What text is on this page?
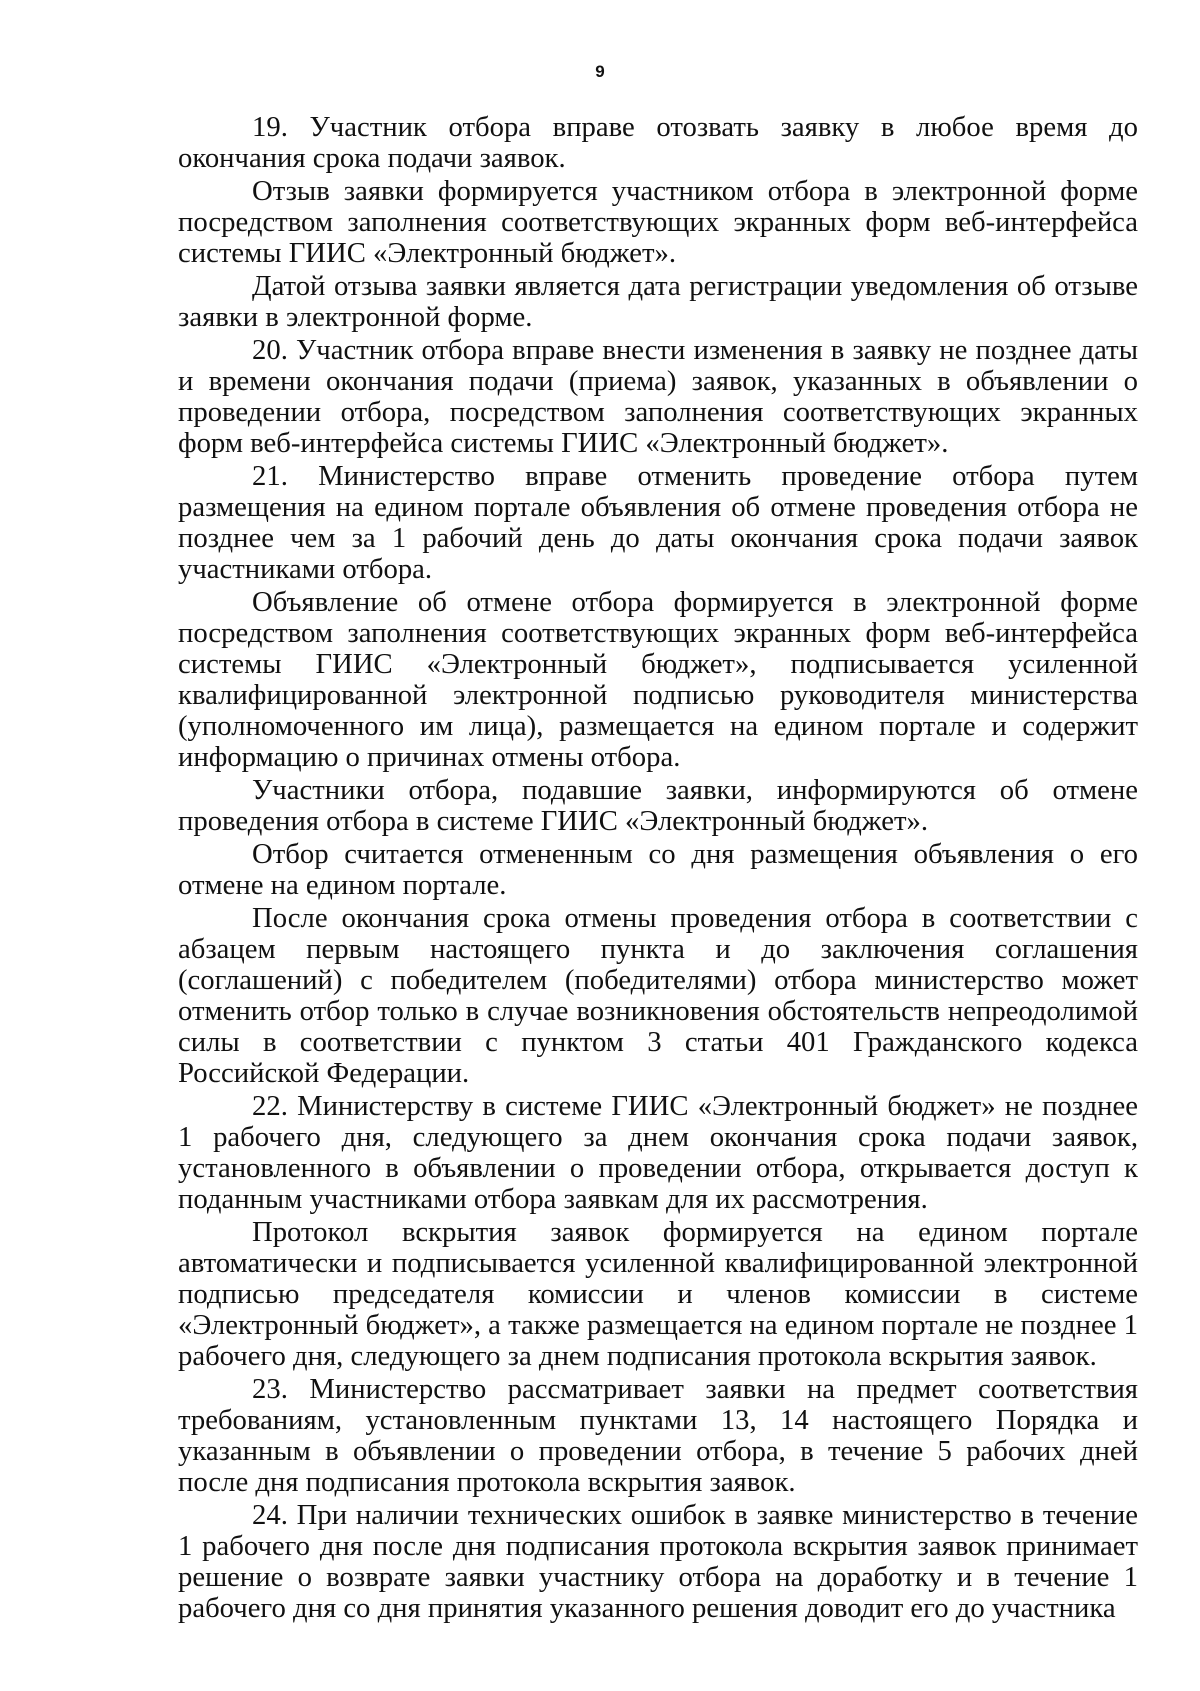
9

19. Участник отбора вправе отозвать заявку в любое время до окончания срока подачи заявок.

Отзыв заявки формируется участником отбора в электронной форме посредством заполнения соответствующих экранных форм веб-интерфейса системы ГИИС «Электронный бюджет».

Датой отзыва заявки является дата регистрации уведомления об отзыве заявки в электронной форме.

20. Участник отбора вправе внести изменения в заявку не позднее даты и времени окончания подачи (приема) заявок, указанных в объявлении о проведении отбора, посредством заполнения соответствующих экранных форм веб-интерфейса системы ГИИС «Электронный бюджет».

21. Министерство вправе отменить проведение отбора путем размещения на едином портале объявления об отмене проведения отбора не позднее чем за 1 рабочий день до даты окончания срока подачи заявок участниками отбора.

Объявление об отмене отбора формируется в электронной форме посредством заполнения соответствующих экранных форм веб-интерфейса системы ГИИС «Электронный бюджет», подписывается усиленной квалифицированной электронной подписью руководителя министерства (уполномоченного им лица), размещается на едином портале и содержит информацию о причинах отмены отбора.

Участники отбора, подавшие заявки, информируются об отмене проведения отбора в системе ГИИС «Электронный бюджет».

Отбор считается отмененным со дня размещения объявления о его отмене на едином портале.

После окончания срока отмены проведения отбора в соответствии с абзацем первым настоящего пункта и до заключения соглашения (соглашений) с победителем (победителями) отбора министерство может отменить отбор только в случае возникновения обстоятельств непреодолимой силы в соответствии с пунктом 3 статьи 401 Гражданского кодекса Российской Федерации.

22. Министерству в системе ГИИС «Электронный бюджет» не позднее 1 рабочего дня, следующего за днем окончания срока подачи заявок, установленного в объявлении о проведении отбора, открывается доступ к поданным участниками отбора заявкам для их рассмотрения.

Протокол вскрытия заявок формируется на едином портале автоматически и подписывается усиленной квалифицированной электронной подписью председателя комиссии и членов комиссии в системе «Электронный бюджет», а также размещается на едином портале не позднее 1 рабочего дня, следующего за днем подписания протокола вскрытия заявок.

23. Министерство рассматривает заявки на предмет соответствия требованиям, установленным пунктами 13, 14 настоящего Порядка и указанным в объявлении о проведении отбора, в течение 5 рабочих дней после дня подписания протокола вскрытия заявок.

24. При наличии технических ошибок в заявке министерство в течение 1 рабочего дня после дня подписания протокола вскрытия заявок принимает решение о возврате заявки участнику отбора на доработку и в течение 1 рабочего дня со дня принятия указанного решения доводит его до участника
